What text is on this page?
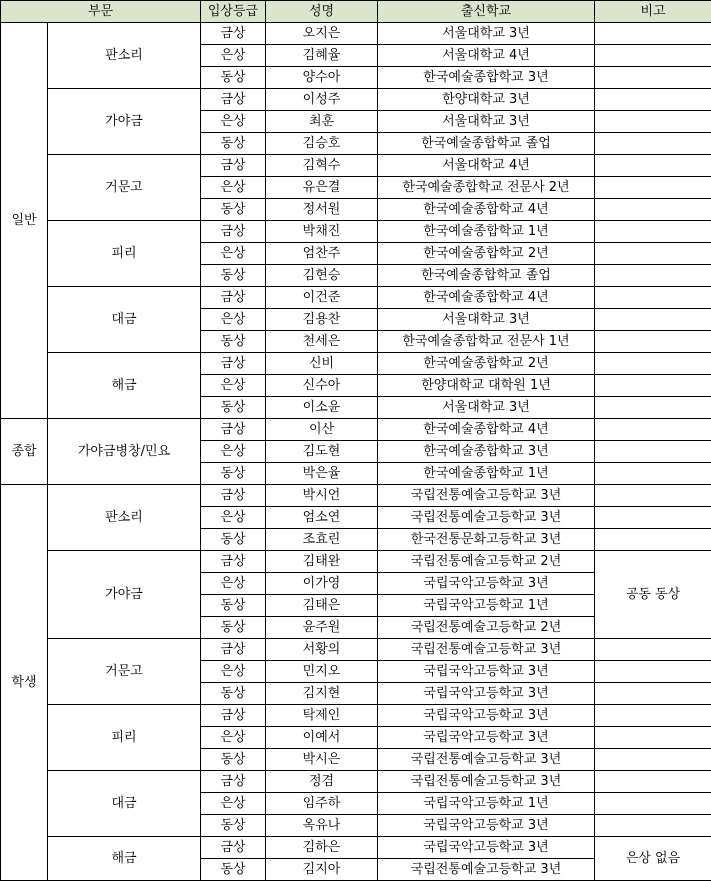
부문		입상등급	성명	출신학교	비고
일반	판소리	금상	오지은	서울대학교 3년	
		은상	김혜율	서울대학교 4년	
		동상	양수아	한국예술종합학교 3년	
	가야금	금상	이성주	한양대학교 3년	
		은상	최훈	서울대학교 3년	
		동상	김승호	한국예술종합학교 졸업	
	거문고	금상	김혁수	서울대학교 4년	
		은상	유은결	한국예술종합학교 전문사 2년	
		동상	정서원	한국예술종합학교 4년	
	피리	금상	박채진	한국예술종합학교 1년	
		은상	엄찬주	한국예술종합학교 2년	
		동상	김현승	한국예술종합학교 졸업	
	대금	금상	이건준	한국예술종합학교 4년	
		은상	김용찬	서울대학교 3년	
		동상	천세은	한국예술종합학교 전문사 1년	
	해금	금상	신비	한국예술종합학교 2년	
		은상	신수아	한양대학교 대학원 1년	
		동상	이소윤	서울대학교 3년	
종합	가야금병창/민요	금상	이산	한국예술종합학교 4년	
		은상	김도현	한국예술종합학교 3년	
		동상	박은율	한국예술종합학교 1년	
학생	판소리	금상	박시언	국립전통예술고등학교 3년	
		은상	엄소연	국립전통예술고등학교 3년	
		동상	조효린	한국전통문화고등학교 3년	
	가야금	금상	김태완	국립전통예술고등학교 2년	공동 동상
		은상	이가영	국립국악고등학교 3년	
		동상	김태은	국립국악고등학교 1년	
		동상	윤주원	국립전통예술고등학교 2년	
	거문고	금상	서황의	국립전통예술고등학교 3년	
		은상	민지오	국립국악고등학교 3년	
		동상	김지현	국립국악고등학교 3년	
	피리	금상	탁제인	국립국악고등학교 3년	
		은상	이예서	국립국악고등학교 3년	
		동상	박시은	국립전통예술고등학교 3년	
	대금	금상	정겸	국립전통예술고등학교 3년	
		은상	임주하	국립국악고등학교 1년	
		동상	옥유나	국립국악고등학교 3년	
	해금	금상	김하은	국립국악고등학교 3년	은상 없음
		동상	김지아	국립전통예술고등학교 3년	
